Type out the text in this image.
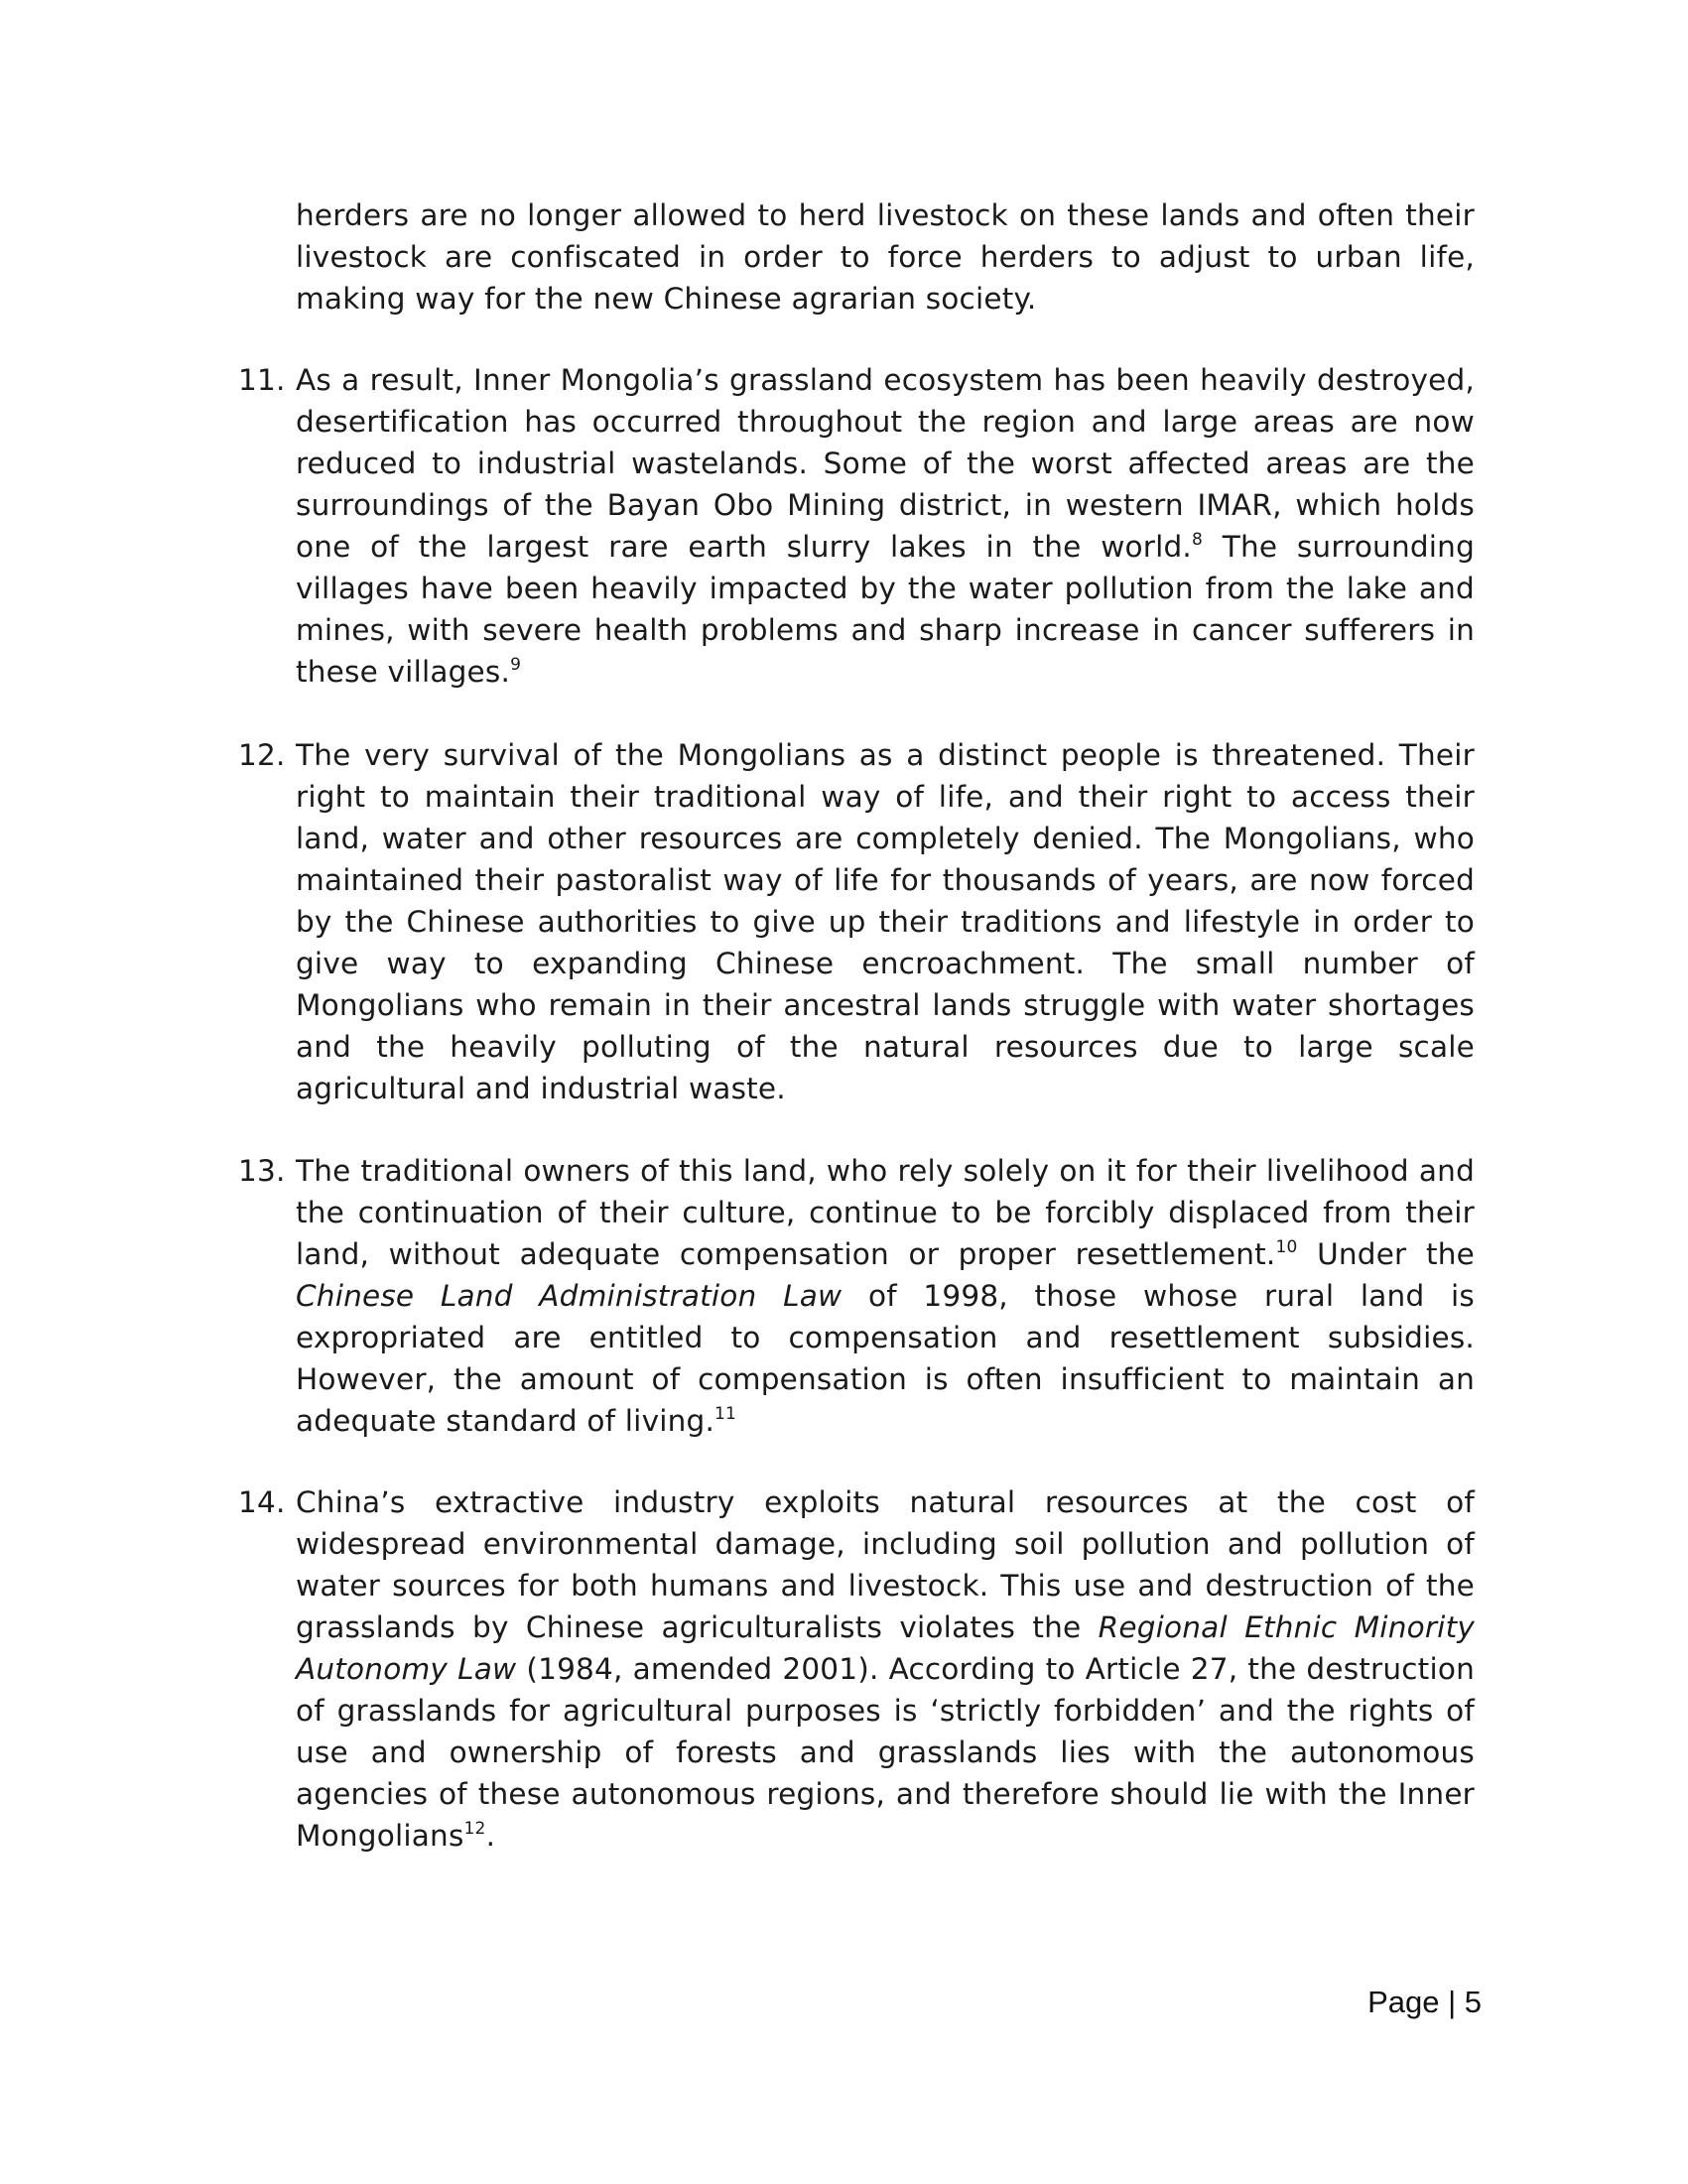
herders are no longer allowed to herd livestock on these lands and often their livestock are confiscated in order to force herders to adjust to urban life, making way for the new Chinese agrarian society.

11. As a result, Inner Mongolia’s grassland ecosystem has been heavily destroyed, desertification has occurred throughout the region and large areas are now reduced to industrial wastelands. Some of the worst affected areas are the surroundings of the Bayan Obo Mining district, in western IMAR, which holds one of the largest rare earth slurry lakes in the world.$^8$ The surrounding villages have been heavily impacted by the water pollution from the lake and mines, with severe health problems and sharp increase in cancer sufferers in these villages.$^9$

12. The very survival of the Mongolians as a distinct people is threatened. Their right to maintain their traditional way of life, and their right to access their land, water and other resources are completely denied. The Mongolians, who maintained their pastoralist way of life for thousands of years, are now forced by the Chinese authorities to give up their traditions and lifestyle in order to give way to expanding Chinese encroachment. The small number of Mongolians who remain in their ancestral lands struggle with water shortages and the heavily polluting of the natural resources due to large scale agricultural and industrial waste.

13. The traditional owners of this land, who rely solely on it for their livelihood and the continuation of their culture, continue to be forcibly displaced from their land, without adequate compensation or proper resettlement.$^{10}$ Under the Chinese Land Administration Law of 1998, those whose rural land is expropriated are entitled to compensation and resettlement subsidies. However, the amount of compensation is often insufficient to maintain an adequate standard of living.$^{11}$

14. China’s extractive industry exploits natural resources at the cost of widespread environmental damage, including soil pollution and pollution of water sources for both humans and livestock. This use and destruction of the grasslands by Chinese agriculturalists violates the Regional Ethnic Minority Autonomy Law (1984, amended 2001). According to Article 27, the destruction of grasslands for agricultural purposes is ‘strictly forbidden’ and the rights of use and ownership of forests and grasslands lies with the autonomous agencies of these autonomous regions, and therefore should lie with the Inner Mongolians$^{12}$.

Page | 5
